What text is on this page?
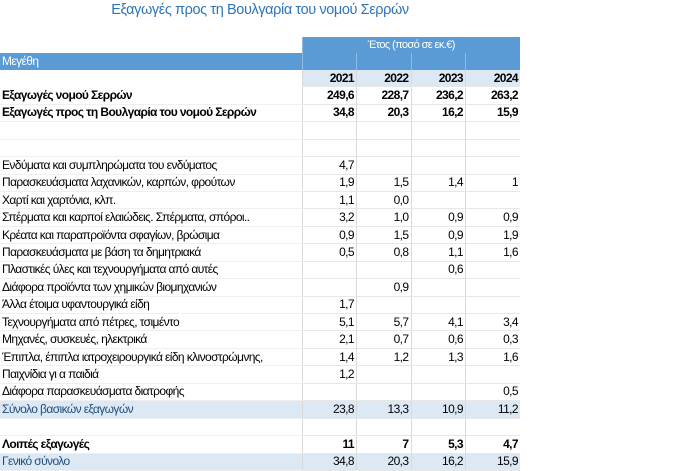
Εξαγωγές προς τη Βουλγαρία του νομού Σερρών
	Έτος (ποσό σε εκ.€)			
Μεγέθη				
	2021	2022	2023	2024
Εξαγωγές νομού Σερρών	249,6	228,7	236,2	263,2
Εξαγωγές προς τη Βουλγαρία του νομού Σερρών	34,8	20,3	16,2	15,9

Ενδύματα και συμπληρώματα του ενδύματος	4,7			
Παρασκευάσματα λαχανικών, καρπών, φρούτων	1,9	1,5	1,4	1
Χαρτί και χαρτόνια, κλπ.	1,1	0,0		
Σπέρματα και καρποί ελαιώδεις. Σπέρματα, σπόροι..	3,2	1,0	0,9	0,9
Κρέατα και παραπροϊόντα σφαγίων, βρώσιμα	0,9	1,5	0,9	1,9
Παρασκευάσματα με βάση τα δημητριακά	0,5	0,8	1,1	1,6
Πλαστικές ύλες και τεχνουργήματα από αυτές			0,6	
Διάφορα προϊόντα των χημικών βιομηχανιών		0,9		
Άλλα έτοιμα υφαντουργικά είδη	1,7			
Τεχνουργήματα από πέτρες, τσιμέντο	5,1	5,7	4,1	3,4
Μηχανές, συσκευές, ηλεκτρικά	2,1	0,7	0,6	0,3
Έπιπλα, έπιπλα ιατροχειρουργικά είδη κλινοστρώμνης,	1,4	1,2	1,3	1,6
Παιχνίδια γι α παιδιά	1,2			
Διάφορα παρασκευάσματα διατροφής				0,5
Σύνολο βασικών εξαγωγών	23,8	13,3	10,9	11,2

Λοιπές εξαγωγές	11	7	5,3	4,7
Γενικό σύνολο	34,8	20,3	16,2	15,9
